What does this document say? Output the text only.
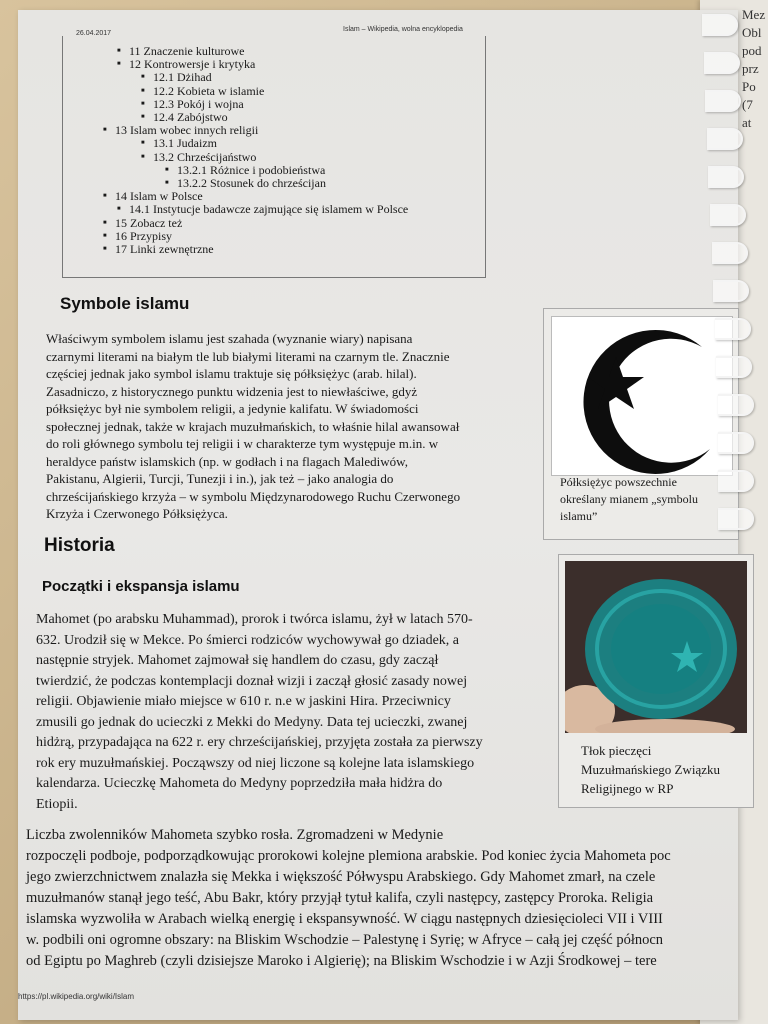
Mez
Obl
pod
prz
Po
(7
at
26.04.2017
Islam – Wikipedia, wolna encyklopedia
■ 11 Znaczenie kulturowe
■ 12 Kontrowersje i krytyka
■ 12.1 Dżihad
■ 12.2 Kobieta w islamie
■ 12.3 Pokój i wojna
■ 12.4 Zabójstwo
■ 13 Islam wobec innych religii
■ 13.1 Judaizm
■ 13.2 Chrześcijaństwo
■ 13.2.1 Różnice i podobieństwa
■ 13.2.2 Stosunek do chrześcijan
■ 14 Islam w Polsce
■ 14.1 Instytucje badawcze zajmujące się islamem w Polsce
■ 15 Zobacz też
■ 16 Przypisy
■ 17 Linki zewnętrzne
Symbole islamu
Właściwym symbolem islamu jest szahada (wyznanie wiary) napisana
czarnymi literami na białym tle lub białymi literami na czarnym tle. Znacznie
częściej jednak jako symbol islamu traktuje się półksiężyc (arab. hilal).
Zasadniczo, z historycznego punktu widzenia jest to niewłaściwe, gdyż
półksiężyc był nie symbolem religii, a jedynie kalifatu. W świadomości
społecznej jednak, także w krajach muzułmańskich, to właśnie hilal awansował
do roli głównego symbolu tej religii i w charakterze tym występuje m.in. w
heraldyce państw islamskich (np. w godłach i na flagach Malediwów,
Pakistanu, Algierii, Turcji, Tunezji i in.), jak też – jako analogia do
chrześcijańskiego krzyża – w symbolu Międzynarodowego Ruchu Czerwonego
Krzyża i Czerwonego Półksiężyca.
Półksiężyc powszechnie
określany mianem „symbolu
islamu”
Historia
Początki i ekspansja islamu
Mahomet (po arabsku Muhammad), prorok i twórca islamu, żył w latach 570-
632. Urodził się w Mekce. Po śmierci rodziców wychowywał go dziadek, a
następnie stryjek. Mahomet zajmował się handlem do czasu, gdy zaczął
twierdzić, że podczas kontemplacji doznał wizji i zaczął głosić zasady nowej
religii. Objawienie miało miejsce w 610 r. n.e w jaskini Hira. Przeciwnicy
zmusili go jednak do ucieczki z Mekki do Medyny. Data tej ucieczki, zwanej
hidżrą, przypadająca na 622 r. ery chrześcijańskiej, przyjęta została za pierwszy
rok ery muzułmańskiej. Począwszy od niej liczone są kolejne lata islamskiego
kalendarza. Ucieczkę Mahometa do Medyny poprzedziła mała hidżra do
Etiopii.
Tłok pieczęci
Muzułmańskiego Związku
Religijnego w RP
Liczba zwolenników Mahometa szybko rosła. Zgromadzeni w Medynie
rozpoczęli podboje, podporządkowując prorokowi kolejne plemiona arabskie. Pod koniec życia Mahometa poc
jego zwierzchnictwem znalazła się Mekka i większość Półwyspu Arabskiego. Gdy Mahomet zmarł, na czele
muzułmanów stanął jego teść, Abu Bakr, który przyjął tytuł kalifa, czyli następcy, zastępcy Proroka. Religia
islamska wyzwoliła w Arabach wielką energię i ekspansywność. W ciągu następnych dziesięcioleci VII i VIII
w. podbili oni ogromne obszary: na Bliskim Wschodzie – Palestynę i Syrię; w Afryce – całą jej część północn
od Egiptu po Maghreb (czyli dzisiejsze Maroko i Algierię); na Bliskim Wschodzie i w Azji Środkowej – tere
https://pl.wikipedia.org/wiki/Islam
